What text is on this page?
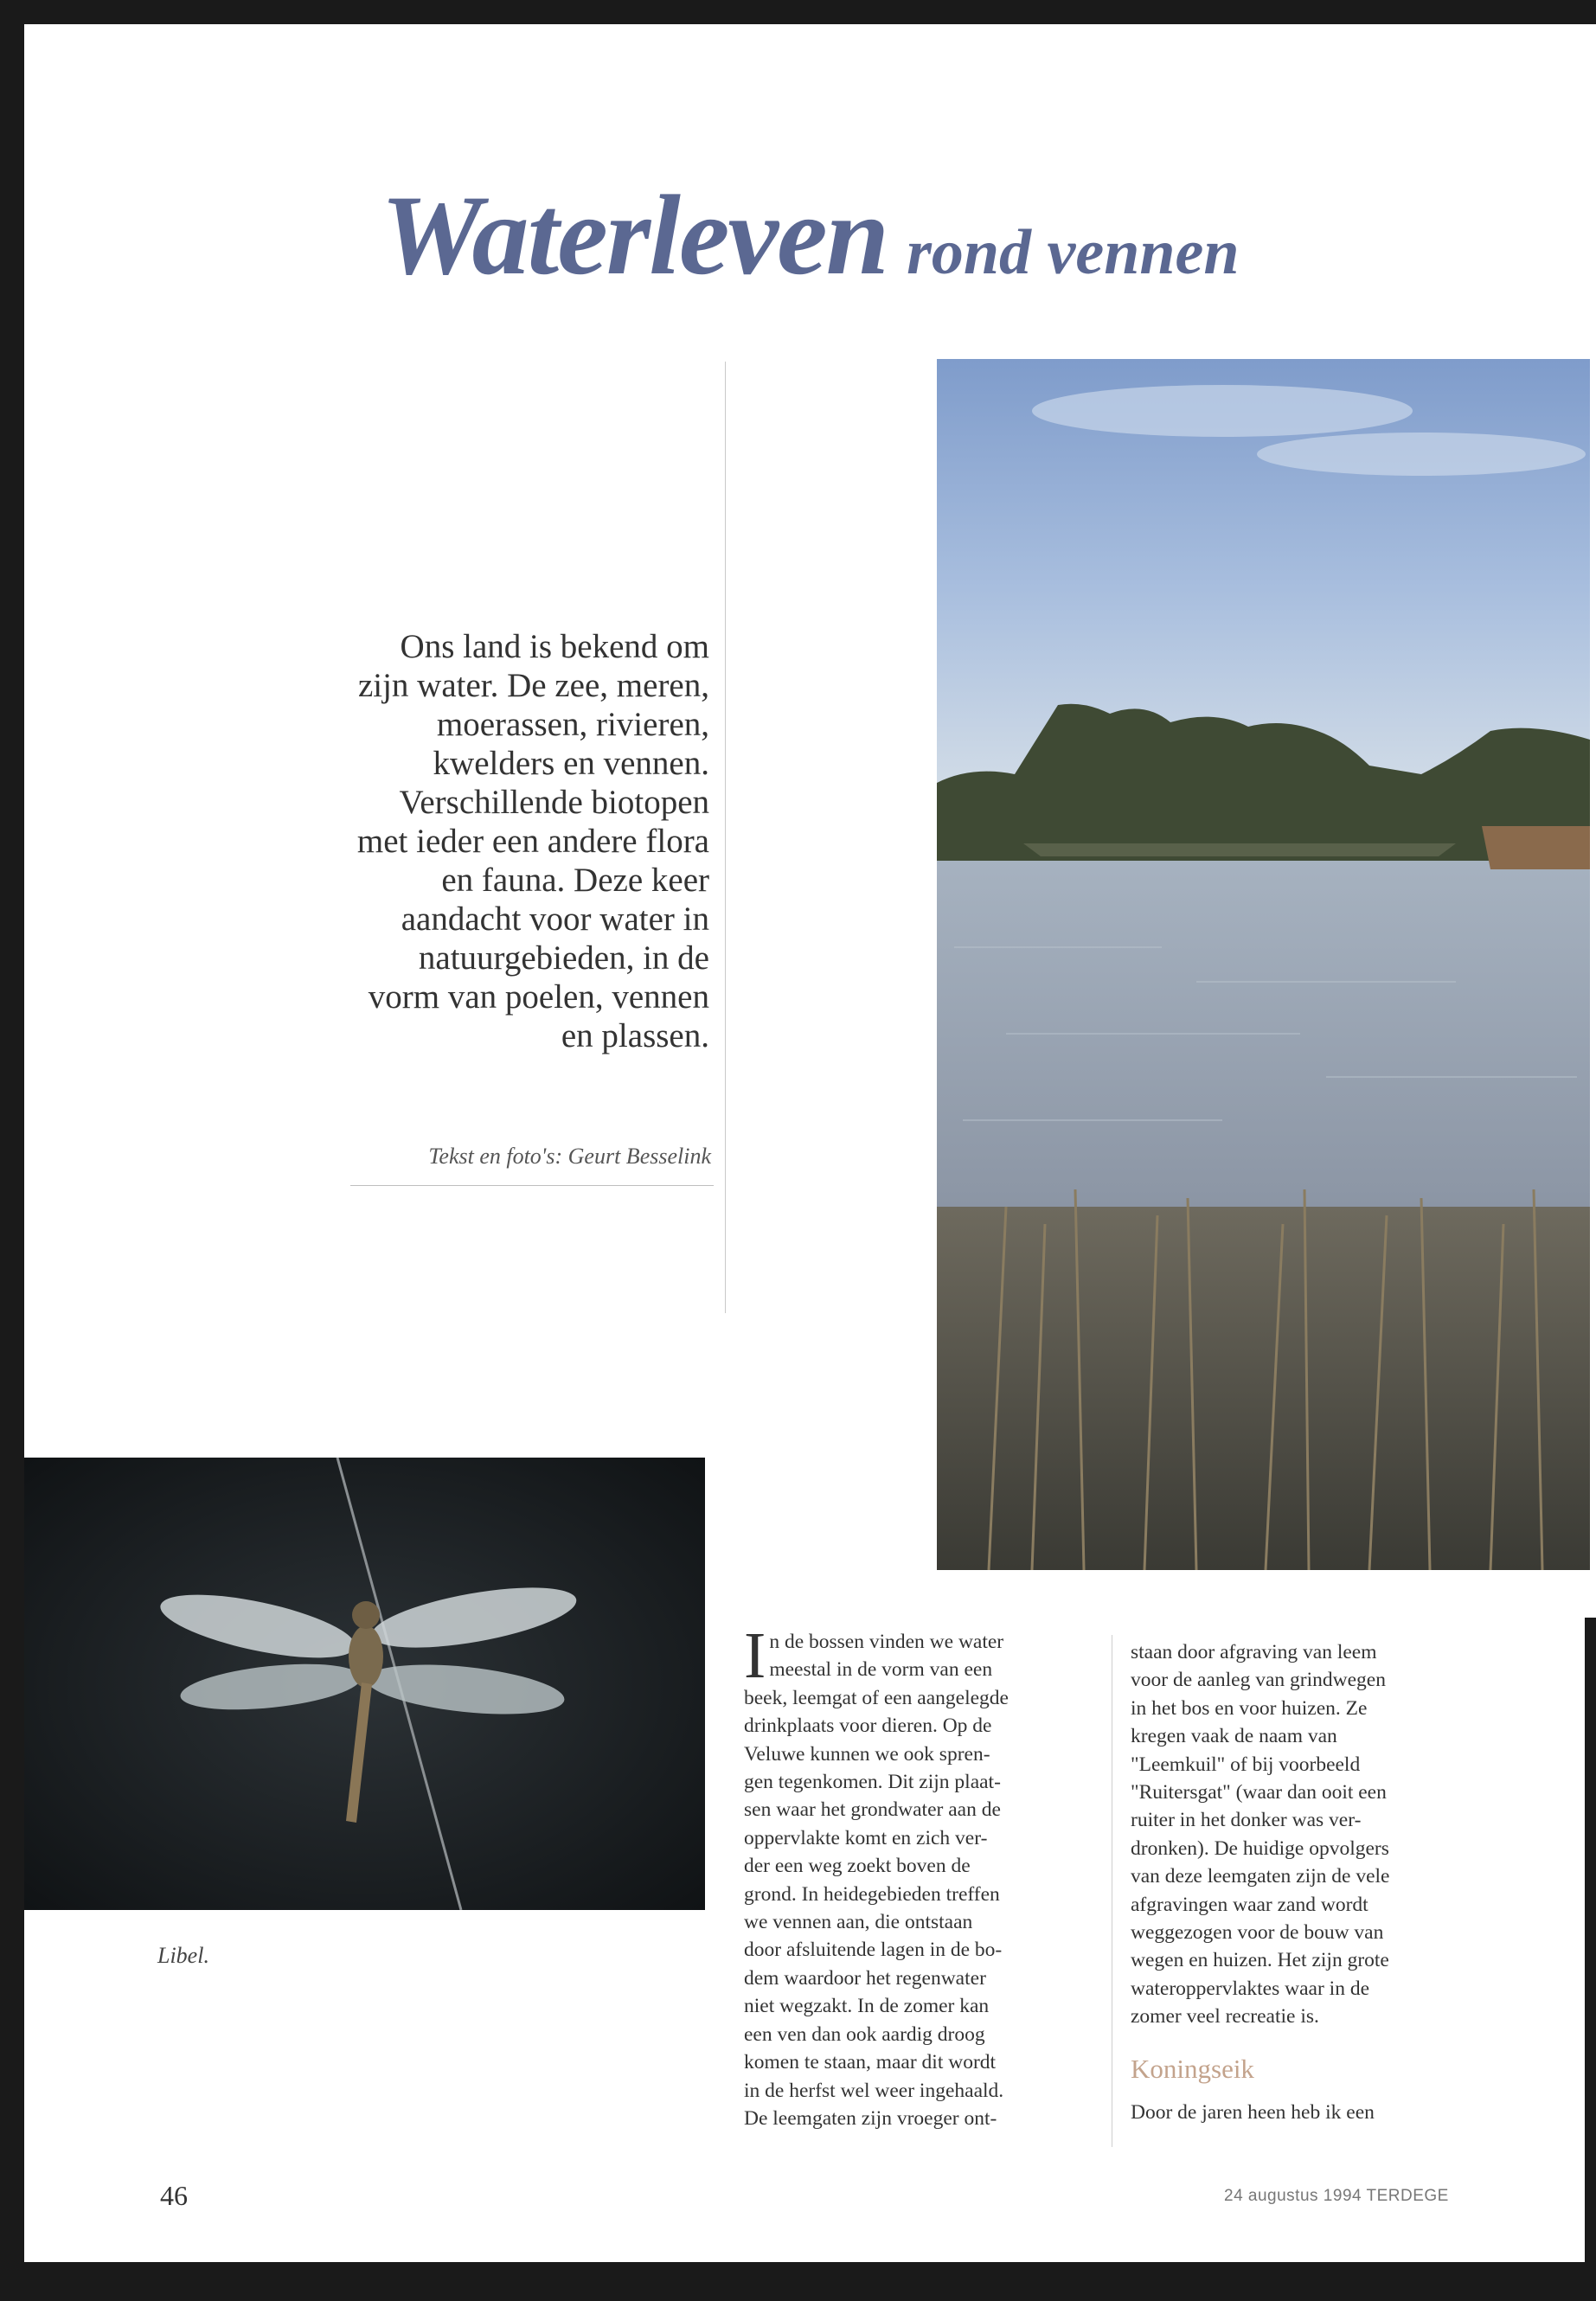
Waterleven rond vennen
Ons land is bekend om zijn water. De zee, meren, moerassen, rivieren, kwelders en vennen. Verschillende biotopen met ieder een andere flora en fauna. Deze keer aandacht voor water in natuurgebieden, in de vorm van poelen, vennen en plassen.
Tekst en foto's: Geurt Besselink
Libel.

In de bossen vinden we water
meestal in de vorm van een
beek, leemgat of een aangelegde
drinkplaats voor dieren. Op de
Veluwe kunnen we ook spren-
gen tegenkomen. Dit zijn plaat-
sen waar het grondwater aan de
oppervlakte komt en zich ver-
der een weg zoekt boven de
grond. In heidegebieden treffen
we vennen aan, die ontstaan
door afsluitende lagen in de bo-
dem waardoor het regenwater
niet wegzakt. In de zomer kan
een ven dan ook aardig droog
komen te staan, maar dit wordt
in de herfst wel weer ingehaald.
De leemgaten zijn vroeger ont-

staan door afgraving van leem
voor de aanleg van grindwegen
in het bos en voor huizen. Ze
kregen vaak de naam van
"Leemkuil" of bij voorbeeld
"Ruitersgat" (waar dan ooit een
ruiter in het donker was ver-
dronken). De huidige opvolgers
van deze leemgaten zijn de vele
afgravingen waar zand wordt
weggezogen voor de bouw van
wegen en huizen. Het zijn grote
wateroppervlaktes waar in de
zomer veel recreatie is.

Koningseik

Door de jaren heen heb ik een

46	24 augustus 1994 TERDEGE
